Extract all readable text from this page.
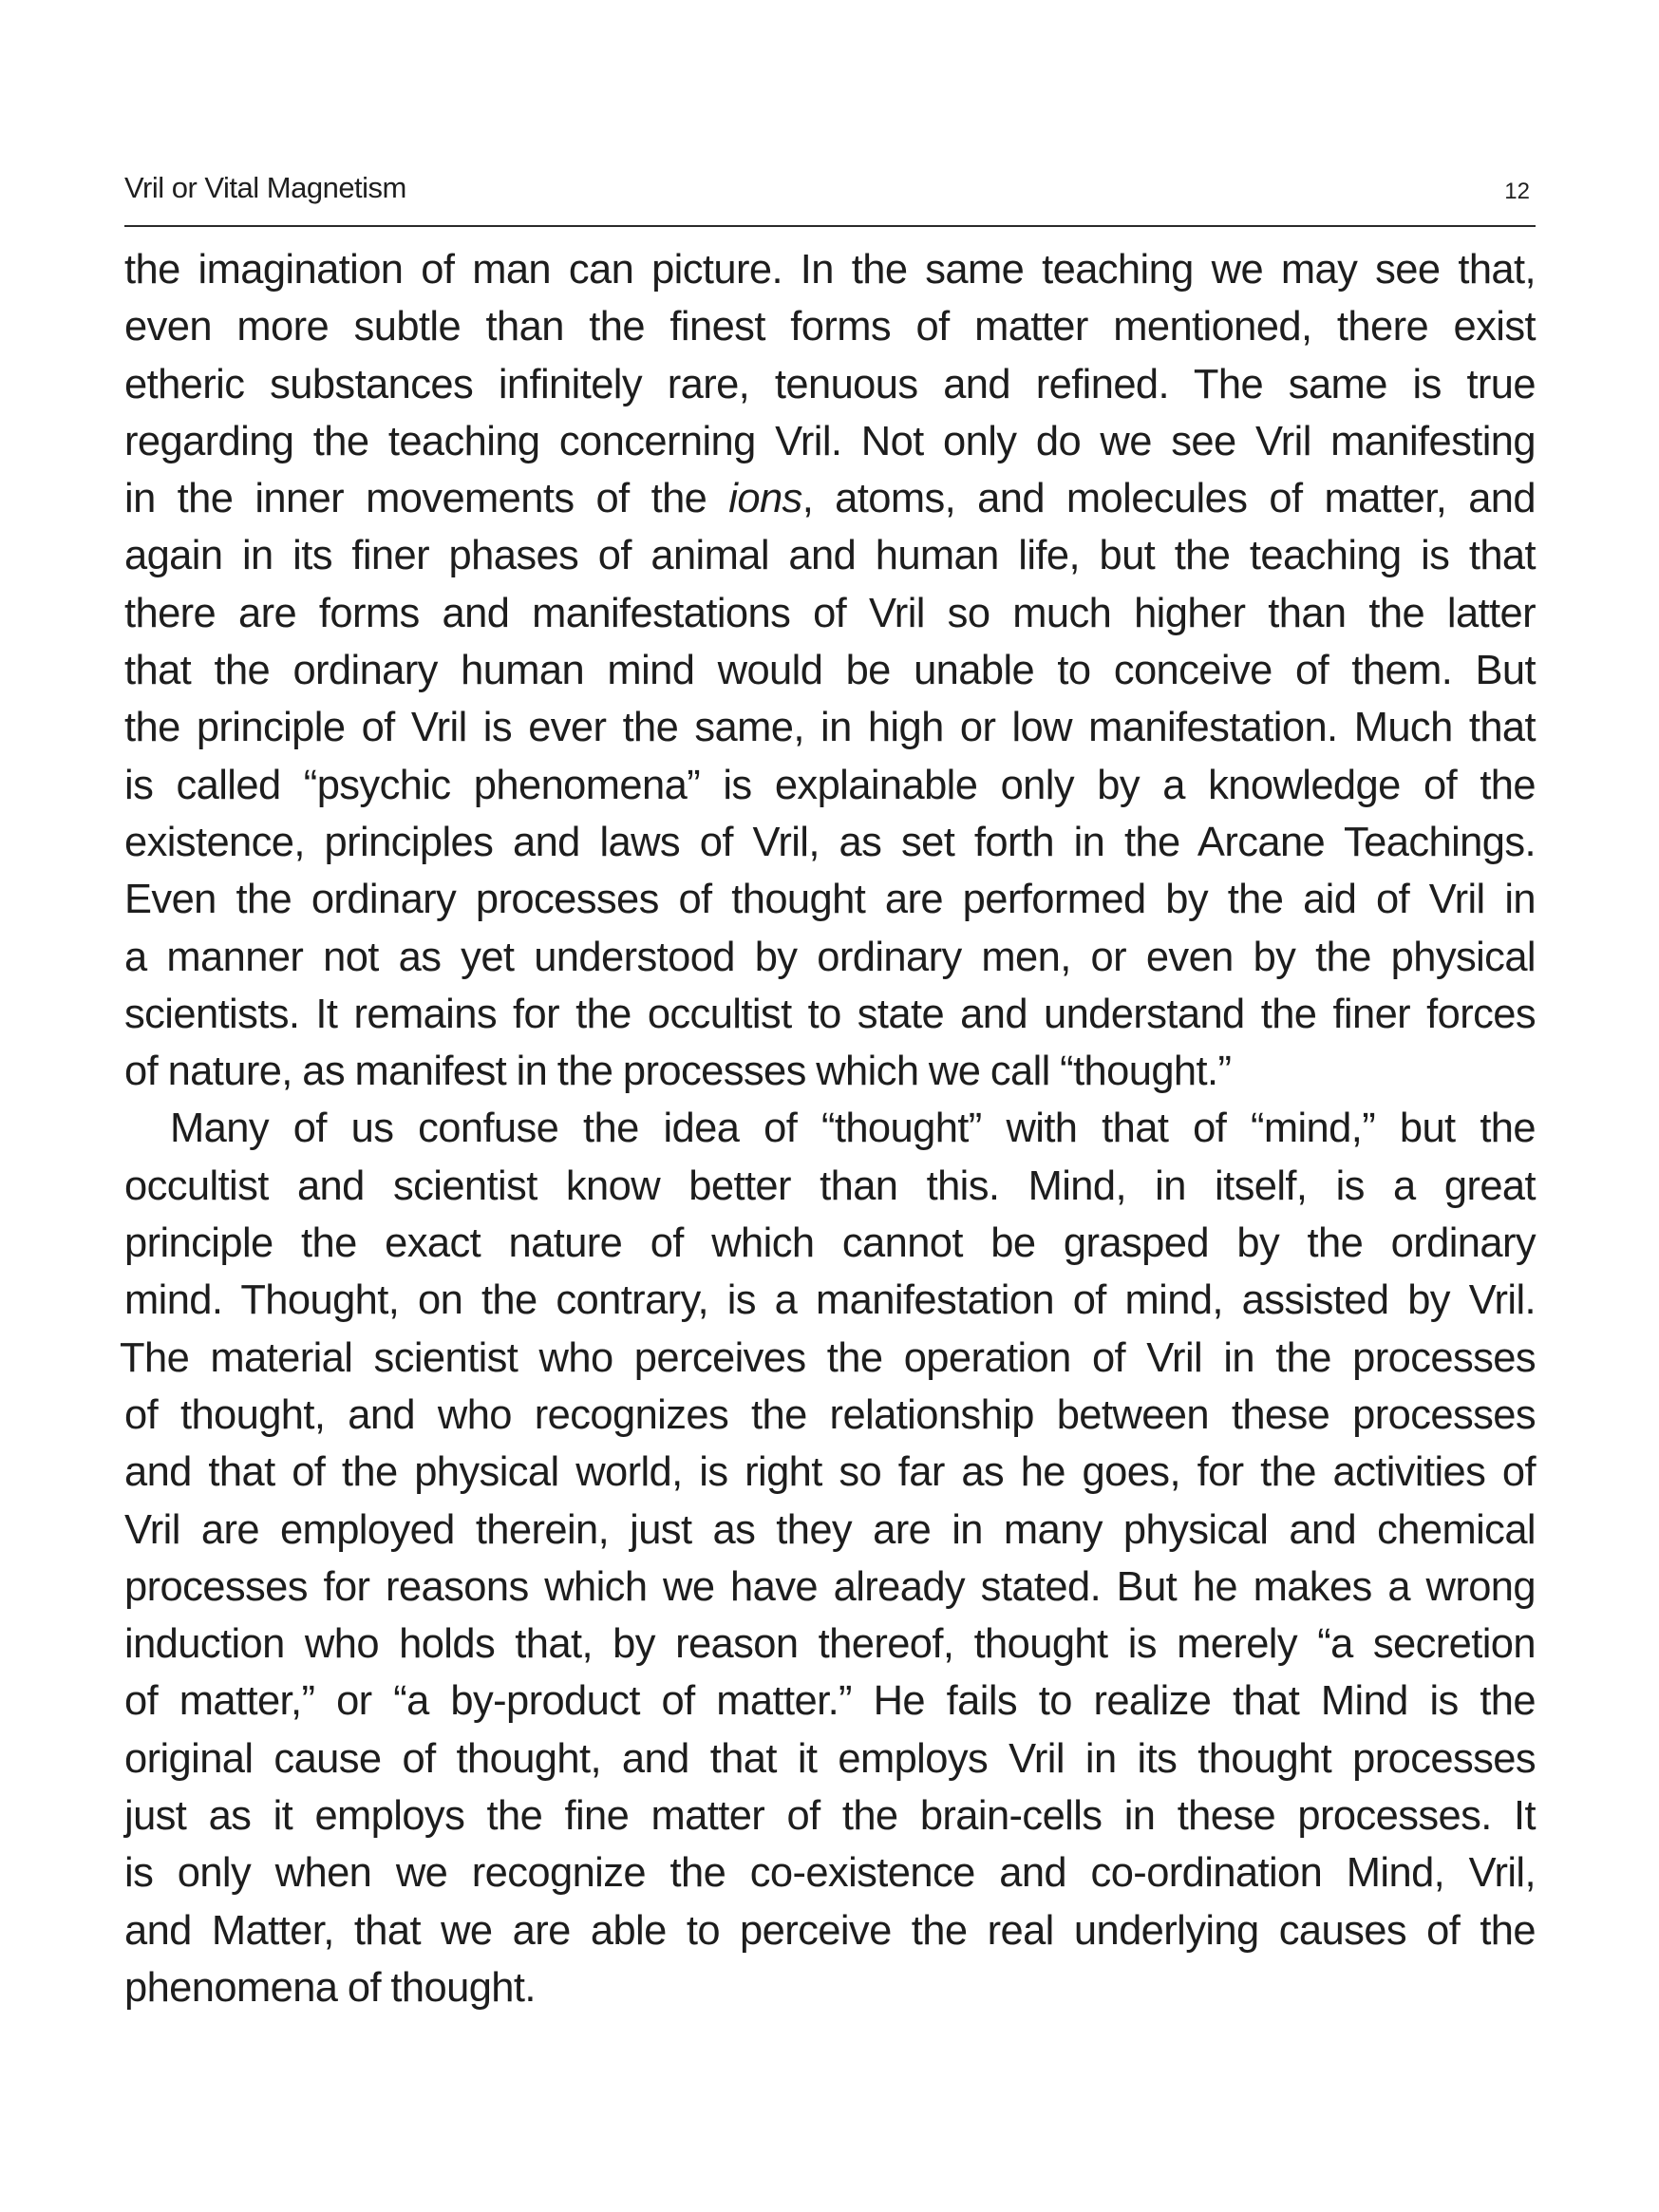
Vril or Vital Magnetism	12
the imagination of man can picture. In the same teaching we may see that,
even more subtle than the finest forms of matter mentioned, there exist
etheric substances infinitely rare, tenuous and refined. The same is true
regarding the teaching concerning Vril. Not only do we see Vril manifesting
in the inner movements of the ions, atoms, and molecules of matter, and
again in its finer phases of animal and human life, but the teaching is that
there are forms and manifestations of Vril so much higher than the latter
that the ordinary human mind would be unable to conceive of them. But
the principle of Vril is ever the same, in high or low manifestation. Much that
is called “psychic phenomena” is explainable only by a knowledge of the
existence, principles and laws of Vril, as set forth in the Arcane Teachings.
Even the ordinary processes of thought are performed by the aid of Vril in
a manner not as yet understood by ordinary men, or even by the physical
scientists. It remains for the occultist to state and understand the finer forces
of nature, as manifest in the processes which we call “thought.”
Many of us confuse the idea of “thought” with that of “mind,” but the
occultist and scientist know better than this. Mind, in itself, is a great
principle the exact nature of which cannot be grasped by the ordinary
mind. Thought, on the contrary, is a manifestation of mind, assisted by Vril.
The material scientist who perceives the operation of Vril in the processes
of thought, and who recognizes the relationship between these processes
and that of the physical world, is right so far as he goes, for the activities of
Vril are employed therein, just as they are in many physical and chemical
processes for reasons which we have already stated. But he makes a wrong
induction who holds that, by reason thereof, thought is merely “a secretion
of matter,” or “a by-product of matter.” He fails to realize that Mind is the
original cause of thought, and that it employs Vril in its thought processes
just as it employs the fine matter of the brain-cells in these processes. It
is only when we recognize the co-existence and co-ordination Mind, Vril,
and Matter, that we are able to perceive the real underlying causes of the
phenomena of thought.
